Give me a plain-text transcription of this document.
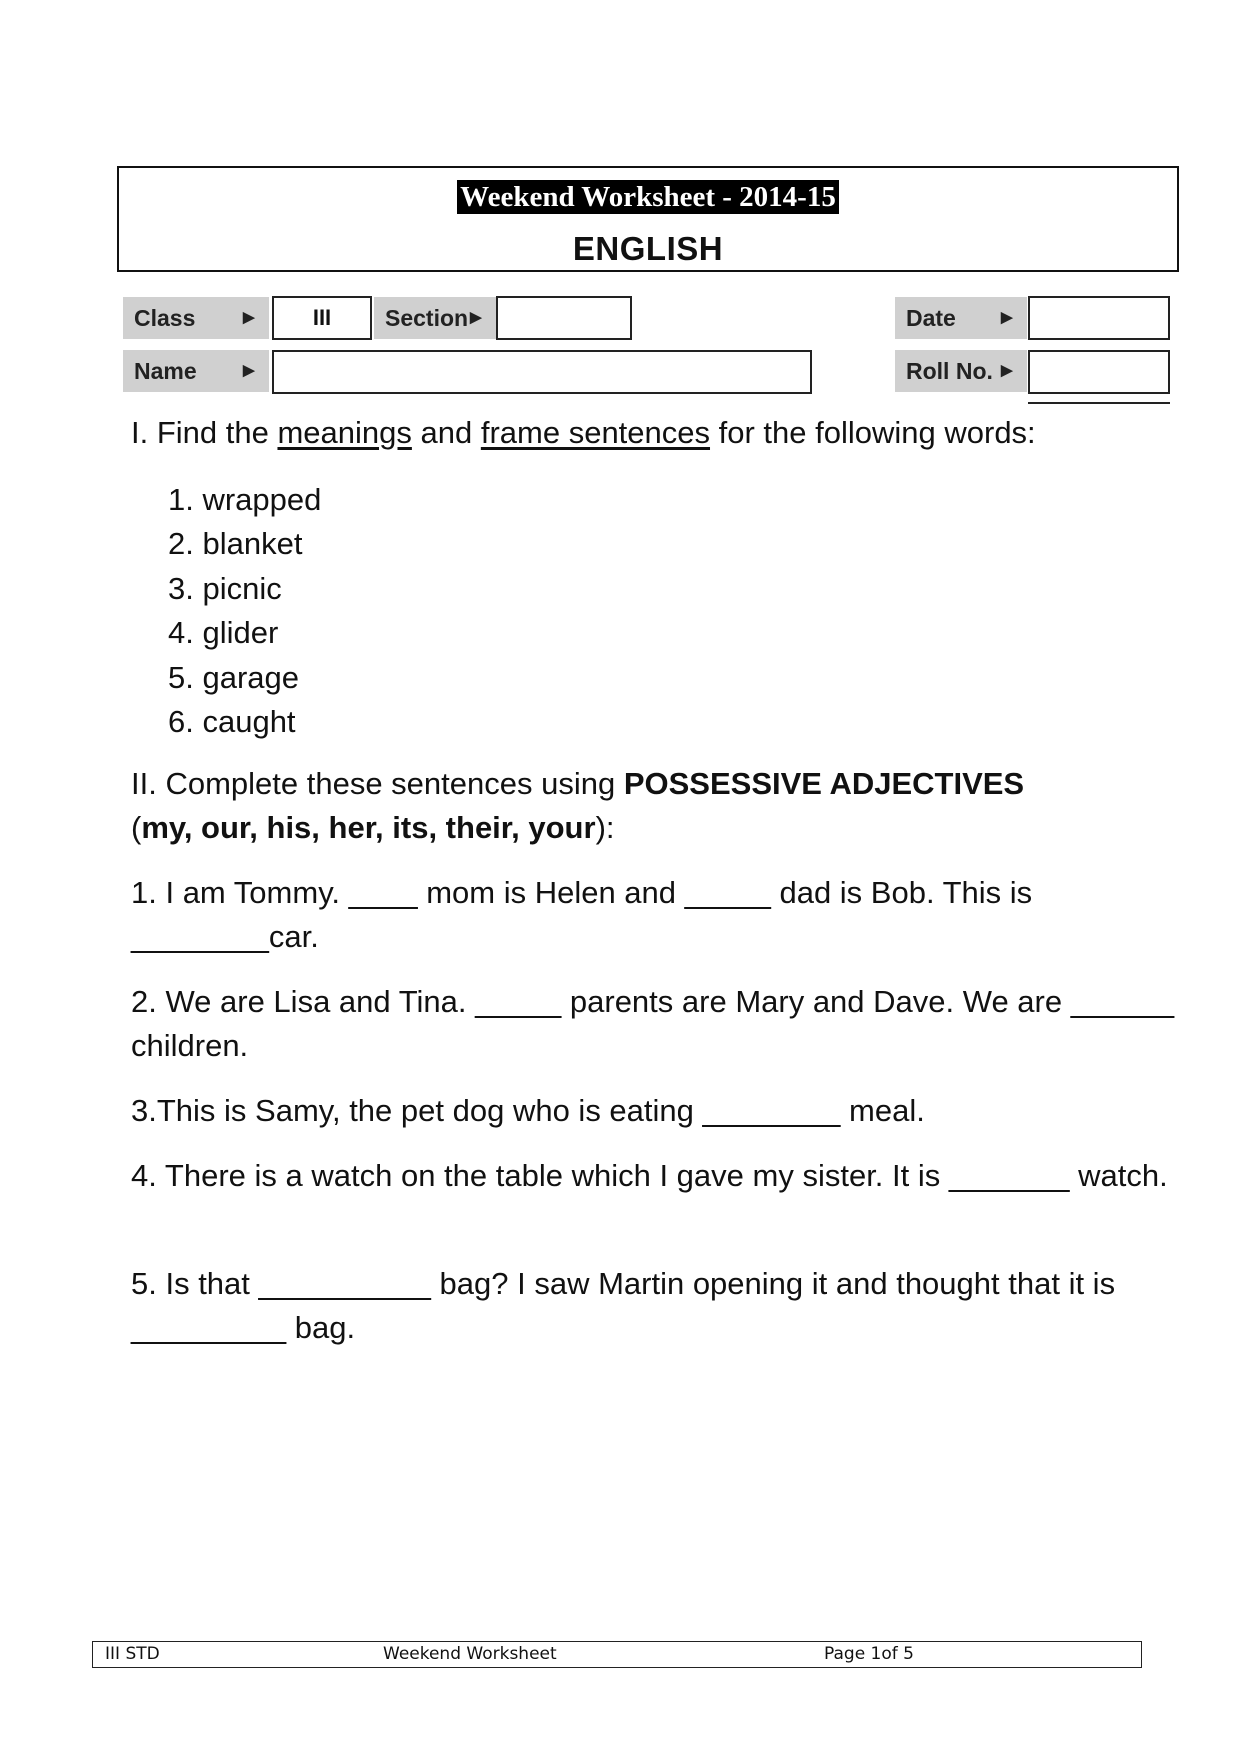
Weekend Worksheet - 2014-15
ENGLISH
Class	▶	III	Section ▶	Date	▶
Name	▶	Roll No. ▶
I. Find the meanings and frame sentences for the following words:
1. wrapped
2. blanket
3. picnic
4. glider
5. garage
6. caught
II. Complete these sentences using POSSESSIVE ADJECTIVES
(my, our, his, her, its, their, your):
1. I am Tommy. ____ mom is Helen and _____ dad is Bob. This is ________car.
2. We are Lisa and Tina. _____ parents are Mary and Dave. We are ______ children.
3.This is Samy, the pet dog who is eating ________ meal.
4. There is a watch on the table which I gave my sister. It is _______ watch.
5. Is that __________ bag? I saw Martin opening it and thought that it is _________ bag.
III STD	Weekend Worksheet	Page 1of 5
